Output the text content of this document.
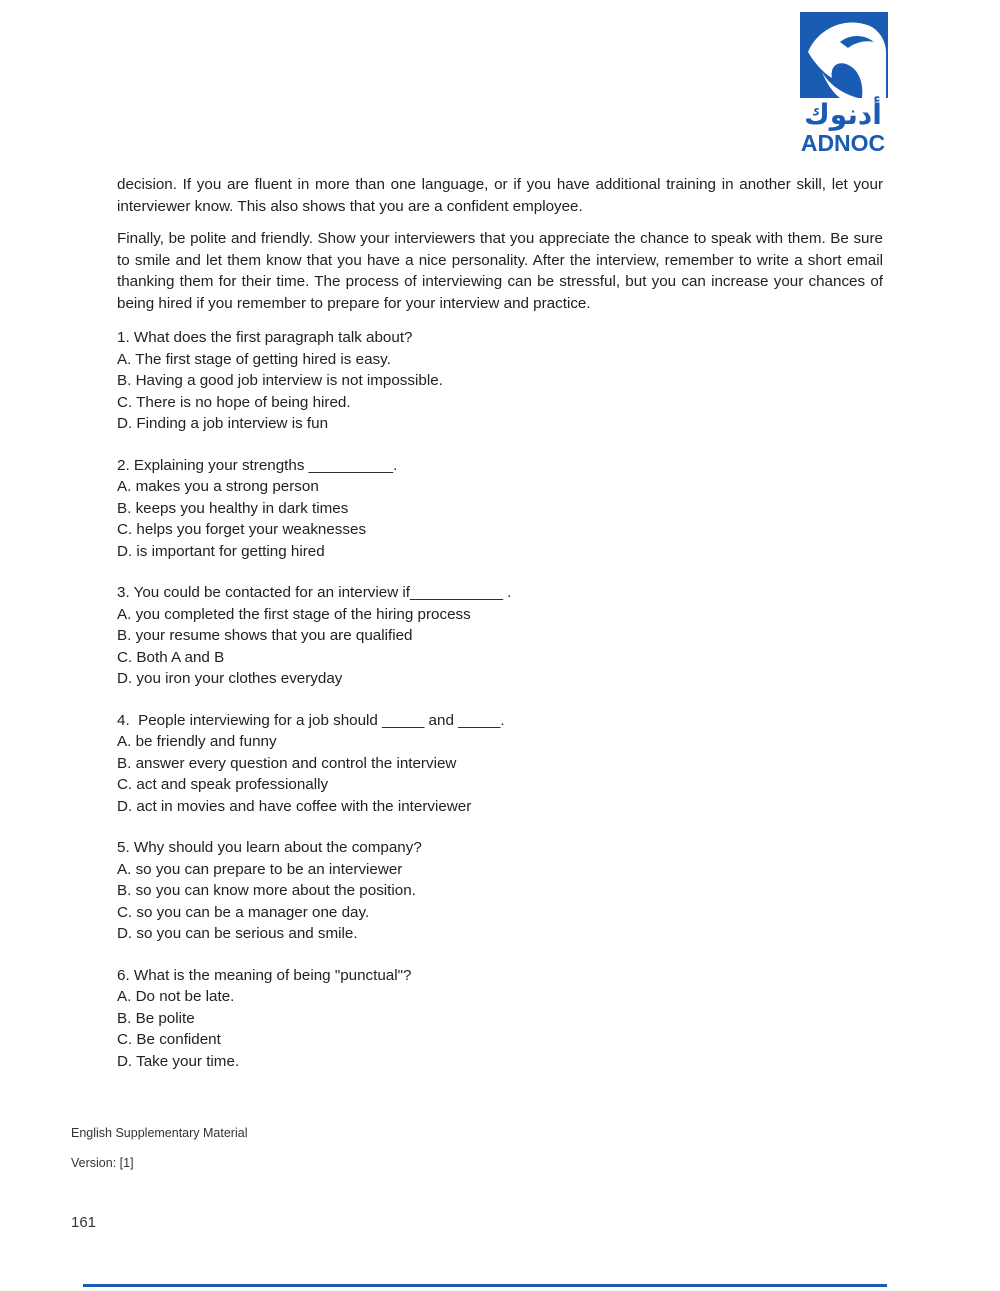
أدنوك
ADNOC

decision. If you are fluent in more than one language, or if you have additional training in another skill, let your interviewer know. This also shows that you are a confident employee.

Finally, be polite and friendly. Show your interviewers that you appreciate the chance to speak with them. Be sure to smile and let them know that you have a nice personality. After the interview, remember to write a short email thanking them for their time. The process of interviewing can be stressful, but you can increase your chances of being hired if you remember to prepare for your interview and practice.

1. What does the first paragraph talk about?
A. The first stage of getting hired is easy.
B. Having a good job interview is not impossible.
C. There is no hope of being hired.
D. Finding a job interview is fun
2. Explaining your strengths __________.
A. makes you a strong person
B. keeps you healthy in dark times
C. helps you forget your weaknesses
D. is important for getting hired
3. You could be contacted for an interview if___________ .
A. you completed the first stage of the hiring process
B. your resume shows that you are qualified
C. Both A and B
D. you iron your clothes everyday
4.  People interviewing for a job should _____ and _____.
A. be friendly and funny
B. answer every question and control the interview
C. act and speak professionally
D. act in movies and have coffee with the interviewer
5. Why should you learn about the company?
A. so you can prepare to be an interviewer
B. so you can know more about the position.
C. so you can be a manager one day.
D. so you can be serious and smile.
6. What is the meaning of being "punctual"?
A. Do not be late.
B. Be polite
C. Be confident
D. Take your time.
English Supplementary Material
Version: [1]
161
